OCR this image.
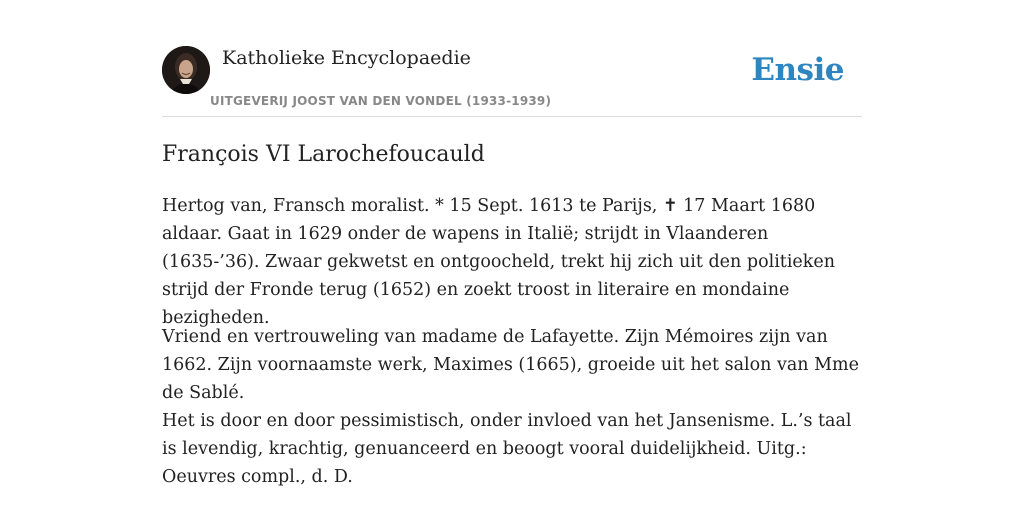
Katholieke Encyclopaedie
UITGEVERIJ JOOST VAN DEN VONDEL (1933-1939)
Ensie
François VI Larochefoucauld

Hertog van, Fransch moralist. * 15 Sept. 1613 te Parijs, ✝ 17 Maart 1680 aldaar. Gaat in 1629 onder de wapens in Italië; strijdt in Vlaanderen (1635-’36). Zwaar gekwetst en ontgoocheld, trekt hij zich uit den politieken strijd der Fronde terug (1652) en zoekt troost in literaire en mondaine bezigheden.

Vriend en vertrouweling van madame de Lafayette. Zijn Mémoires zijn van 1662. Zijn voornaamste werk, Maximes (1665), groeide uit het salon van Mme de Sablé.

Het is door en door pessimistisch, onder invloed van het Jansenisme. L.’s taal is levendig, krachtig, genuanceerd en beoogt vooral duidelijkheid. Uitg.: Oeuvres compl., d. D.
